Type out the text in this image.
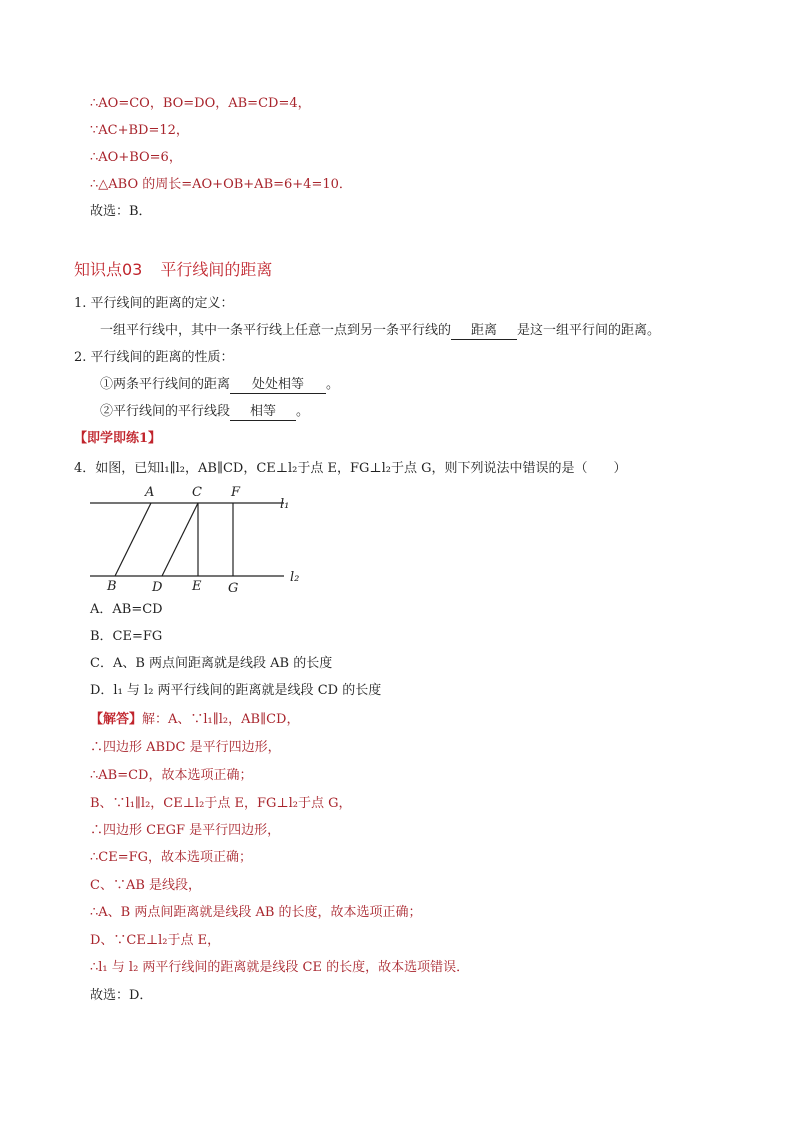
∴AO=CO，BO=DO，AB=CD=4，
∵AC+BD=12，
∴AO+BO=6，
∴△ABO 的周长=AO+OB+AB=6+4=10．
故选：B．
知识点03 平行线间的距离
1. 平行线间的距离的定义：
一组平行线中，其中一条平行线上任意一点到另一条平行线的 距离 是这一组平行间的距离。
2. 平行线间的距离的性质：
①两条平行线间的距离 处处相等 。
②平行线间的平行线段 相等 。
【即学即练1】
4．如图，已知l₁∥l₂，AB∥CD，CE⊥l₂于点 E，FG⊥l₂于点 G，则下列说法中错误的是（　　）
A	C F
B	D E G
l₁
l₂
A．AB=CD
B．CE=FG
C．A、B 两点间距离就是线段 AB 的长度
D．l₁ 与 l₂ 两平行线间的距离就是线段 CD 的长度
【解答】解：A、∵l₁∥l₂，AB∥CD，
∴四边形 ABDC 是平行四边形，
∴AB=CD，故本选项正确；
B、∵l₁∥l₂，CE⊥l₂于点 E，FG⊥l₂于点 G，
∴四边形 CEGF 是平行四边形，
∴CE=FG，故本选项正确；
C、∵AB 是线段，
∴A、B 两点间距离就是线段 AB 的长度，故本选项正确；
D、∵CE⊥l₂于点 E，
∴l₁ 与 l₂ 两平行线间的距离就是线段 CE 的长度，故本选项错误．
故选：D．
